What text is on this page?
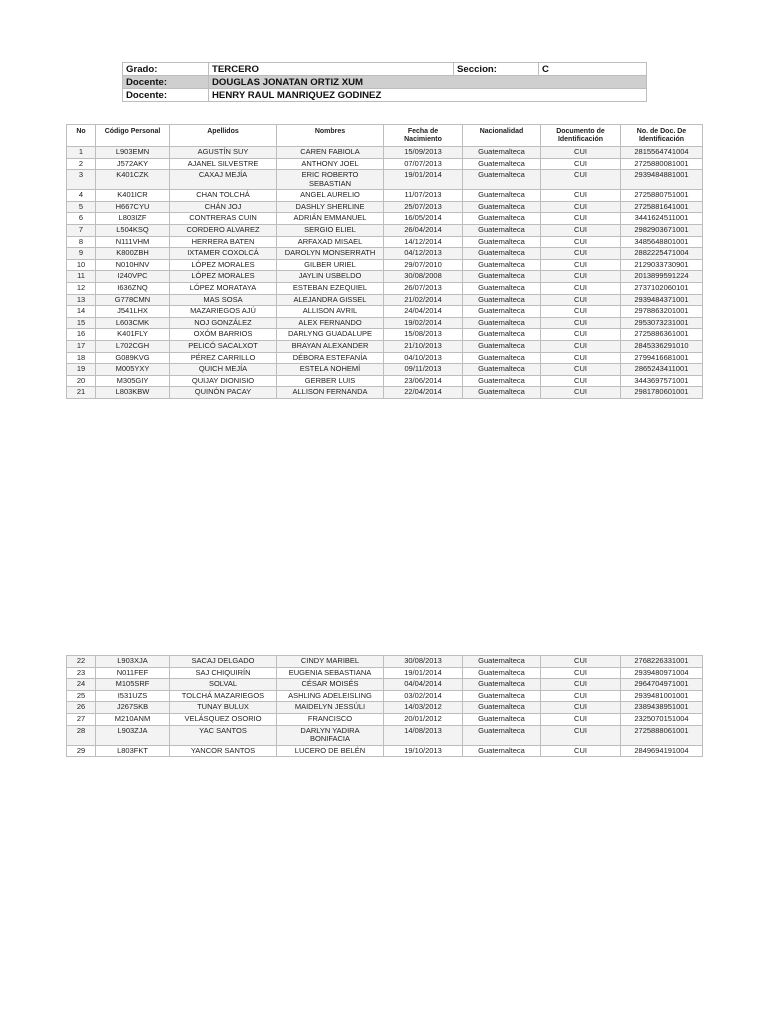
Grado:	TERCERO	Seccion:	C
Docente:	DOUGLAS JONATAN ORTIZ XUM		
Docente:	HENRY RAUL MANRIQUEZ GODINEZ		
No	Código Personal	Apellidos	Nombres	Fecha de Nacimiento	Nacionalidad	Documento de Identificación	No. de Doc. De Identificación
1	L903EMN	AGUSTÍN SUY	CAREN FABIOLA	15/09/2013	Guatemalteca	CUI	2815564741004
2	J572AKY	AJANEL SILVESTRE	ANTHONY JOEL	07/07/2013	Guatemalteca	CUI	2725880081001
3	K401CZK	CAXAJ MEJÍA	ERIC ROBERTO SEBASTIAN	19/01/2014	Guatemalteca	CUI	2939484881001
4	K401ICR	CHAN TOLCHÁ	ANGEL AURELIO	11/07/2013	Guatemalteca	CUI	2725880751001
5	H667CYU	CHÁN JOJ	DASHLY SHERLINE	25/07/2013	Guatemalteca	CUI	2725881641001
6	L803IZF	CONTRERAS CUIN	ADRIÁN EMMANUEL	16/05/2014	Guatemalteca	CUI	3441624511001
7	L504KSQ	CORDERO ALVAREZ	SERGIO ELIEL	26/04/2014	Guatemalteca	CUI	2982903671001
8	N111VHM	HERRERA BATEN	ARFAXAD MISAEL	14/12/2014	Guatemalteca	CUI	3485648801001
9	K800ZBH	IXTAMER COXOLCÁ	DAROLYN MONSERRATH	04/12/2013	Guatemalteca	CUI	2882225471004
10	N010HNV	LÓPEZ MORALES	GILBER URIEL	29/07/2010	Guatemalteca	CUI	2129033730901
11	I240VPC	LÓPEZ MORALES	JAYLIN USBELDO	30/08/2008	Guatemalteca	CUI	2013899591224
12	I636ZNQ	LÓPEZ MORATAYA	ESTEBAN EZEQUIEL	26/07/2013	Guatemalteca	CUI	2737102060101
13	G778CMN	MAS SOSA	ALEJANDRA GISSEL	21/02/2014	Guatemalteca	CUI	2939484371001
14	J541LHX	MAZARIEGOS AJÚ	ALLISON AVRIL	24/04/2014	Guatemalteca	CUI	2978863201001
15	L603CMK	NOJ GONZÁLEZ	ALEX FERNANDO	19/02/2014	Guatemalteca	CUI	2953073231001
16	K401FLY	OXÓM BARRIOS	DARLYNG GUADALUPE	15/08/2013	Guatemalteca	CUI	2725886361001
17	L702CGH	PELICÓ SACALXOT	BRAYAN ALEXANDER	21/10/2013	Guatemalteca	CUI	2845336291010
18	G089KVG	PÉREZ CARRILLO	DÉBORA ESTEFANÍA	04/10/2013	Guatemalteca	CUI	2799416681001
19	M005YXY	QUICH MEJÍA	ESTELA NOHEMÍ	09/11/2013	Guatemalteca	CUI	2865243411001
20	M305GIY	QUIJAY DIONISIO	GERBER LUIS	23/06/2014	Guatemalteca	CUI	3443697571001
21	L803KBW	QUINÓN PACAY	ALLISON FERNANDA	22/04/2014	Guatemalteca	CUI	2981780601001
22	L903XJA	SACAJ DELGADO	CINDY MARIBEL	30/08/2013	Guatemalteca	CUI	2768226331001
23	N011FEF	SAJ CHIQUIRÍN	EUGENIA SEBASTIANA	19/01/2014	Guatemalteca	CUI	2939480971004
24	M105SRF	SOLVAL	CÉSAR MOISÉS	04/04/2014	Guatemalteca	CUI	2964704971001
25	I531UZS	TOLCHÁ MAZARIEGOS	ASHLING ADELEISLING	03/02/2014	Guatemalteca	CUI	2939481001001
26	J267SKB	TUNAY BULUX	MAIDELYN JESSÚLI	14/03/2012	Guatemalteca	CUI	2389438951001
27	M210ANM	VELÁSQUEZ OSORIO	FRANCISCO	20/01/2012	Guatemalteca	CUI	2325070151004
28	L903ZJA	YAC SANTOS	DARLYN YADIRA BONIFACIA	14/08/2013	Guatemalteca	CUI	2725888061001
29	L803FKT	YANCOR SANTOS	LUCERO DE BELÉN	19/10/2013	Guatemalteca	CUI	2849694191004
